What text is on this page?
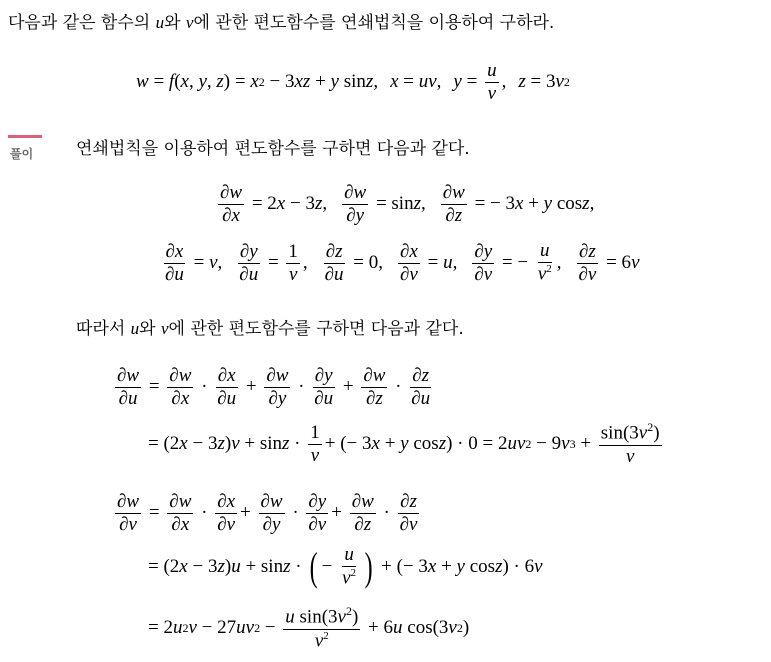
다음과 같은 함수의 u와 v에 관한 편도함수를 연쇄법칙을 이용하여 구하라.
w = f ( x , y , z ) = x 2 − 3 xz + y sin z , x = uv , $y = \frac{u}{v}$ , z = 3 v 2
풀이	연쇄법칙을 이용하여 편도함수를 구하면 다음과 같다.
$\frac{\partial w}{\partial x} = 2$ x − 3 z , $\frac{\partial w}{\partial y} = \sin z$ , $\frac{\partial w}{\partial z}$ = − 3 x + y cos z ,
$\frac{\partial x}{\partial u} = v$ , $\frac{\partial y}{\partial u} = \frac{1}{v}$ , $\frac{\partial z}{\partial u} = 0$, $\frac{\partial x}{\partial v} = u$ , $\frac{\partial y}{\partial v}$ = − $\frac{u}{v^2}$ , $\frac{\partial z}{\partial v} = 6$ v
따라서 u와 v에 관한 편도함수를 구하면 다음과 같다.
$\frac{\partial w}{\partial u} = \frac{\partial w}{\partial x} \cdot \frac{\partial x}{\partial u} + \frac{\partial w}{\partial y} \cdot \frac{\partial y}{\partial u} + \frac{\partial w}{\partial z} \cdot \frac{\partial z}{\partial u}$
= (2 x − 3 z ) $v + \sin z \cdot \frac{1}{v}$ + (− 3 x + y cos z ) · 0 = 2 uv 2 − 9 v $3 + \frac{\sin(3v^2)}{v}$
$\frac{\partial w}{\partial v} = \frac{\partial w}{\partial x} \cdot \frac{\partial x}{\partial v} + \frac{\partial w}{\partial y} \cdot \frac{\partial y}{\partial v} + \frac{\partial w}{\partial z} \cdot \frac{\partial z}{\partial v}$
= (2 x − 3 z ) u + sin z · ( − $\frac{u}{v^2}$ ) + (− 3 x + y cos z ) · 6 v
= 2 u 2 v − 27 uv $2 - \frac{u \sin(3v^2)}{v^2} + 6$ u cos(3 v 2 )
